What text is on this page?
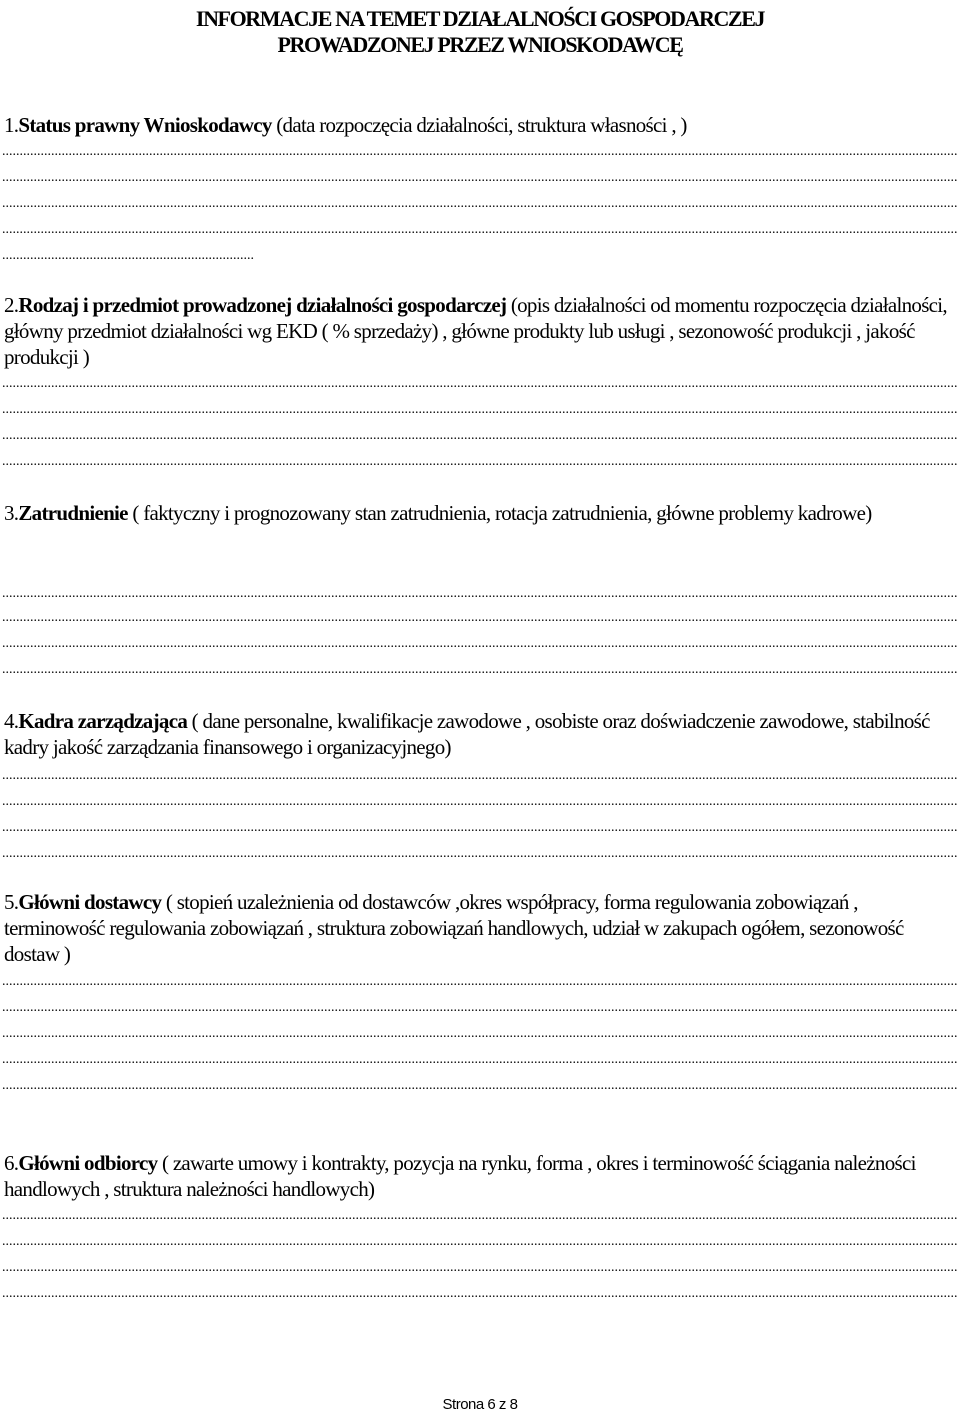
INFORMACJE NA TEMET DZIAŁALNOŚCI GOSPODARCZEJ
PROWADZONEJ PRZEZ WNIOSKODAWCĘ

1.Status prawny Wnioskodawcy (data rozpoczęcia działalności, struktura własności , )

.....
.....
.....
.....
.....

2.Rodzaj i przedmiot prowadzonej działalności gospodarczej (opis działalności od momentu rozpoczęcia działalności, główny przedmiot działalności wg EKD ( % sprzedaży) , główne produkty lub usługi , sezonowość produkcji , jakość produkcji )

.....
.....
.....
.....

3.Zatrudnienie ( faktyczny i prognozowany stan zatrudnienia, rotacja zatrudnienia, główne problemy kadrowe)

.....
.....
.....
.....

4.Kadra zarządzająca ( dane personalne, kwalifikacje zawodowe , osobiste oraz doświadczenie zawodowe, stabilność kadry jakość zarządzania finansowego i organizacyjnego)

.....
.....
.....
.....

5.Główni dostawcy ( stopień uzależnienia od dostawców ,okres współpracy, forma regulowania zobowiązań , terminowość regulowania zobowiązań , struktura zobowiązań handlowych, udział w zakupach ogółem, sezonowość dostaw )

.....
.....
.....
.....
.....

6.Główni odbiorcy ( zawarte umowy i kontrakty, pozycja na rynku, forma , okres i terminowość ściągania należności handlowych , struktura należności handlowych)

.....
.....
.....
.....
Strona 6 z 8
